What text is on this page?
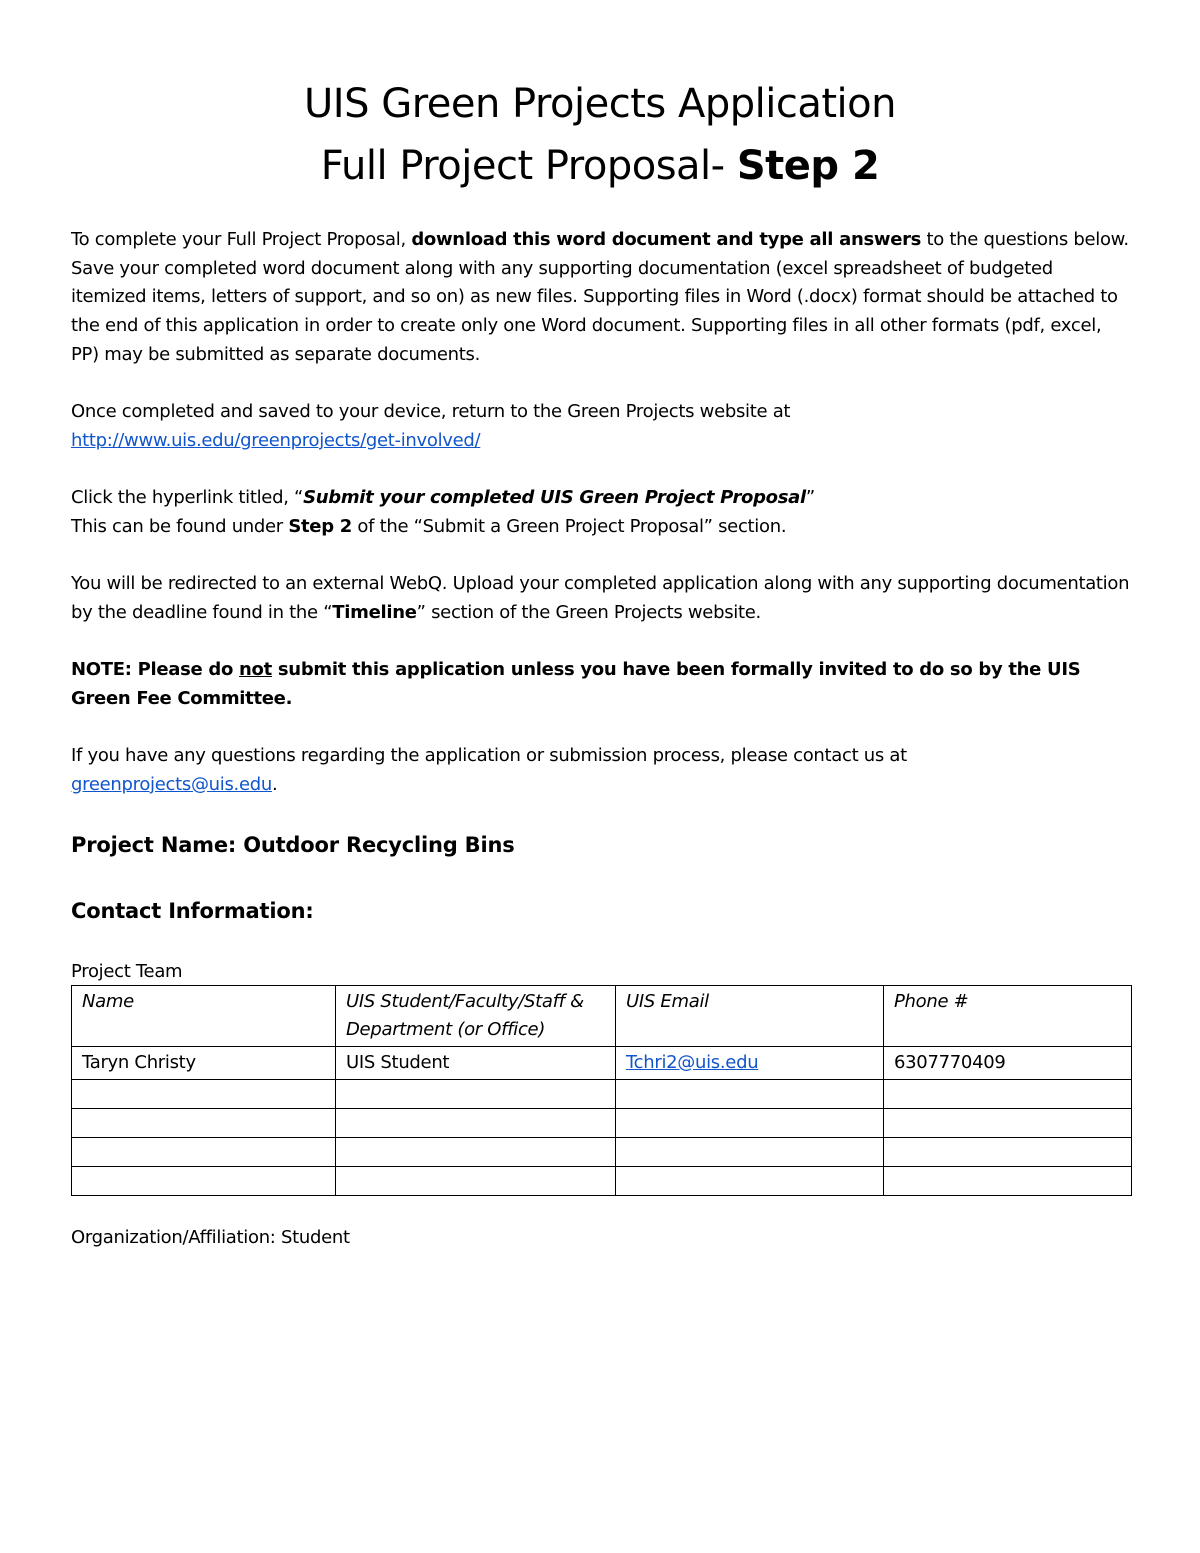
UIS Green Projects Application
Full Project Proposal- Step 2

To complete your Full Project Proposal, download this word document and type all answers to the questions below. Save your completed word document along with any supporting documentation (excel spreadsheet of budgeted itemized items, letters of support, and so on) as new files. Supporting files in Word (.docx) format should be attached to the end of this application in order to create only one Word document. Supporting files in all other formats (pdf, excel, PP) may be submitted as separate documents.

Once completed and saved to your device, return to the Green Projects website at
http://www.uis.edu/greenprojects/get-involved/

Click the hyperlink titled, “Submit your completed UIS Green Project Proposal”
This can be found under Step 2 of the “Submit a Green Project Proposal” section.

You will be redirected to an external WebQ. Upload your completed application along with any supporting documentation by the deadline found in the “Timeline” section of the Green Projects website.

NOTE: Please do not submit this application unless you have been formally invited to do so by the UIS Green Fee Committee.

If you have any questions regarding the application or submission process, please contact us at
greenprojects@uis.edu.

Project Name: Outdoor Recycling Bins
Contact Information:
Project Team
Name	UIS Student/Faculty/Staff & Department (or Office)	UIS Email	Phone #
Taryn Christy	UIS Student	Tchri2@uis.edu	6307770409

Organization/Affiliation: Student
